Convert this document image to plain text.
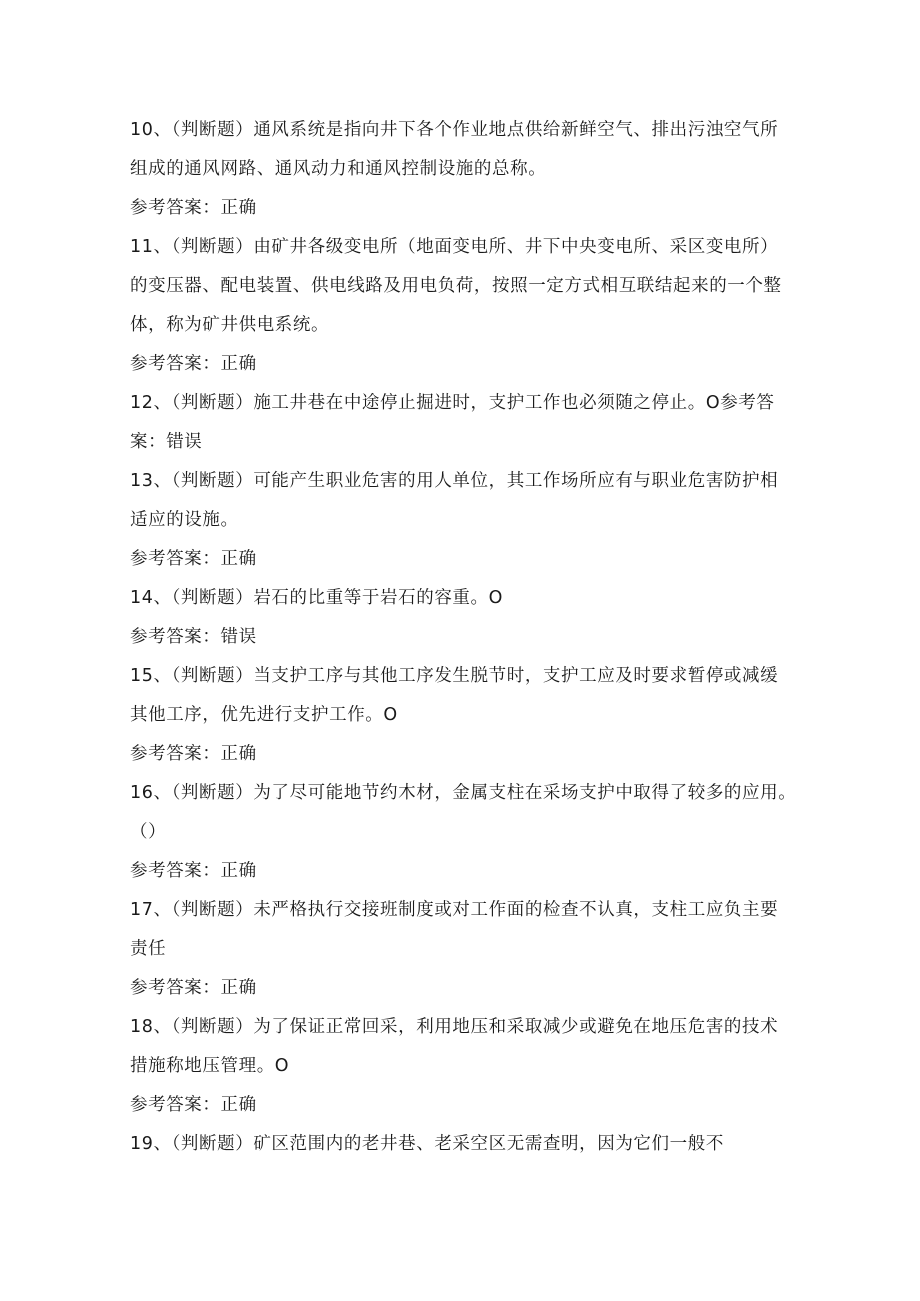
10、（判断题）通风系统是指向井下各个作业地点供给新鲜空气、排出污浊空气所
组成的通风网路、通风动力和通风控制设施的总称。
参考答案：正确
11、（判断题）由矿井各级变电所（地面变电所、井下中央变电所、采区变电所）
的变压器、配电装置、供电线路及用电负荷，按照一定方式相互联结起来的一个整
体，称为矿井供电系统。
参考答案：正确
12、（判断题）施工井巷在中途停止掘进时，支护工作也必须随之停止。O参考答
案：错误
13、（判断题）可能产生职业危害的用人单位，其工作场所应有与职业危害防护相
适应的设施。
参考答案：正确
14、（判断题）岩石的比重等于岩石的容重。O
参考答案：错误
15、（判断题）当支护工序与其他工序发生脱节时，支护工应及时要求暂停或减缓
其他工序，优先进行支护工作。O
参考答案：正确
16、（判断题）为了尽可能地节约木材，金属支柱在采场支护中取得了较多的应用。
（）
参考答案：正确
17、（判断题）未严格执行交接班制度或对工作面的检查不认真，支柱工应负主要
责任
参考答案：正确
18、（判断题）为了保证正常回采，利用地压和采取减少或避免在地压危害的技术
措施称地压管理。O
参考答案：正确
19、（判断题）矿区范围内的老井巷、老采空区无需查明，因为它们一般不
